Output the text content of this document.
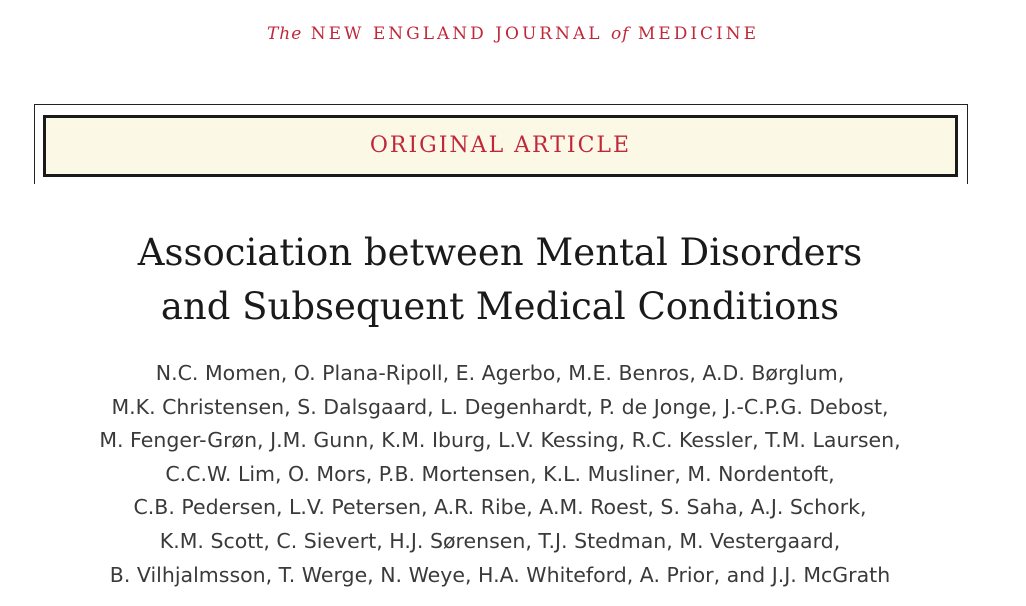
The NEW ENGLAND JOURNAL of MEDICINE
ORIGINAL ARTICLE
Association between Mental Disorders
and Subsequent Medical Conditions
N.C. Momen, O. Plana-Ripoll, E. Agerbo, M.E. Benros, A.D. Børglum,
M.K. Christensen, S. Dalsgaard, L. Degenhardt, P. de Jonge, J.-C.P.G. Debost,
M. Fenger-Grøn, J.M. Gunn, K.M. Iburg, L.V. Kessing, R.C. Kessler, T.M. Laursen,
C.C.W. Lim, O. Mors, P.B. Mortensen, K.L. Musliner, M. Nordentoft,
C.B. Pedersen, L.V. Petersen, A.R. Ribe, A.M. Roest, S. Saha, A.J. Schork,
K.M. Scott, C. Sievert, H.J. Sørensen, T.J. Stedman, M. Vestergaard,
B. Vilhjalmsson, T. Werge, N. Weye, H.A. Whiteford, A. Prior, and J.J. McGrath
